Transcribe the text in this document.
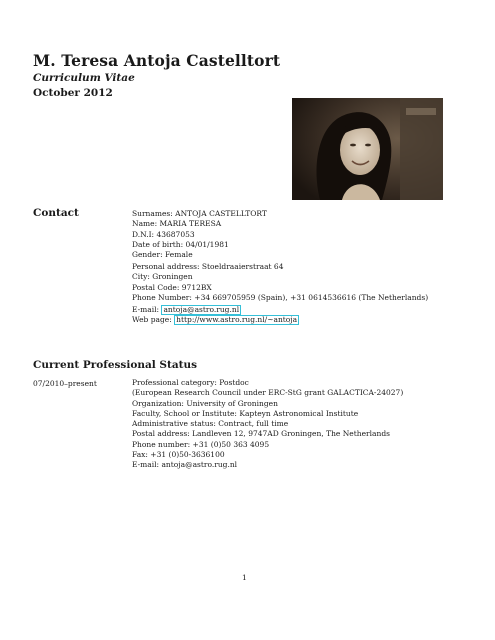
M. Teresa Antoja Castelltort
Curriculum Vitae
October 2012
Contact	Surnames: ANTOJA CASTELLTORT
Name: MARIA TERESA
D.N.I: 43687053
Date of birth: 04/01/1981
Gender: Female
Personal address: Stoeldraaierstraat 64
City: Groningen
Postal Code: 9712BX
Phone Number: +34 669705959 (Spain), +31 0614536616 (The Netherlands)
E-mail: antoja@astro.rug.nl
Web page: http://www.astro.rug.nl/~antoja
Current Professional Status
07/2010–present	Professional category: Postdoc
(European Research Council under ERC-StG grant GALACTICA-24027)
Organization: University of Groningen
Faculty, School or Institute: Kapteyn Astronomical Institute
Administrative status: Contract, full time
Postal address: Landleven 12, 9747AD Groningen, The Netherlands
Phone number: +31 (0)50 363 4095
Fax: +31 (0)50-3636100
E-mail: antoja@astro.rug.nl
1
